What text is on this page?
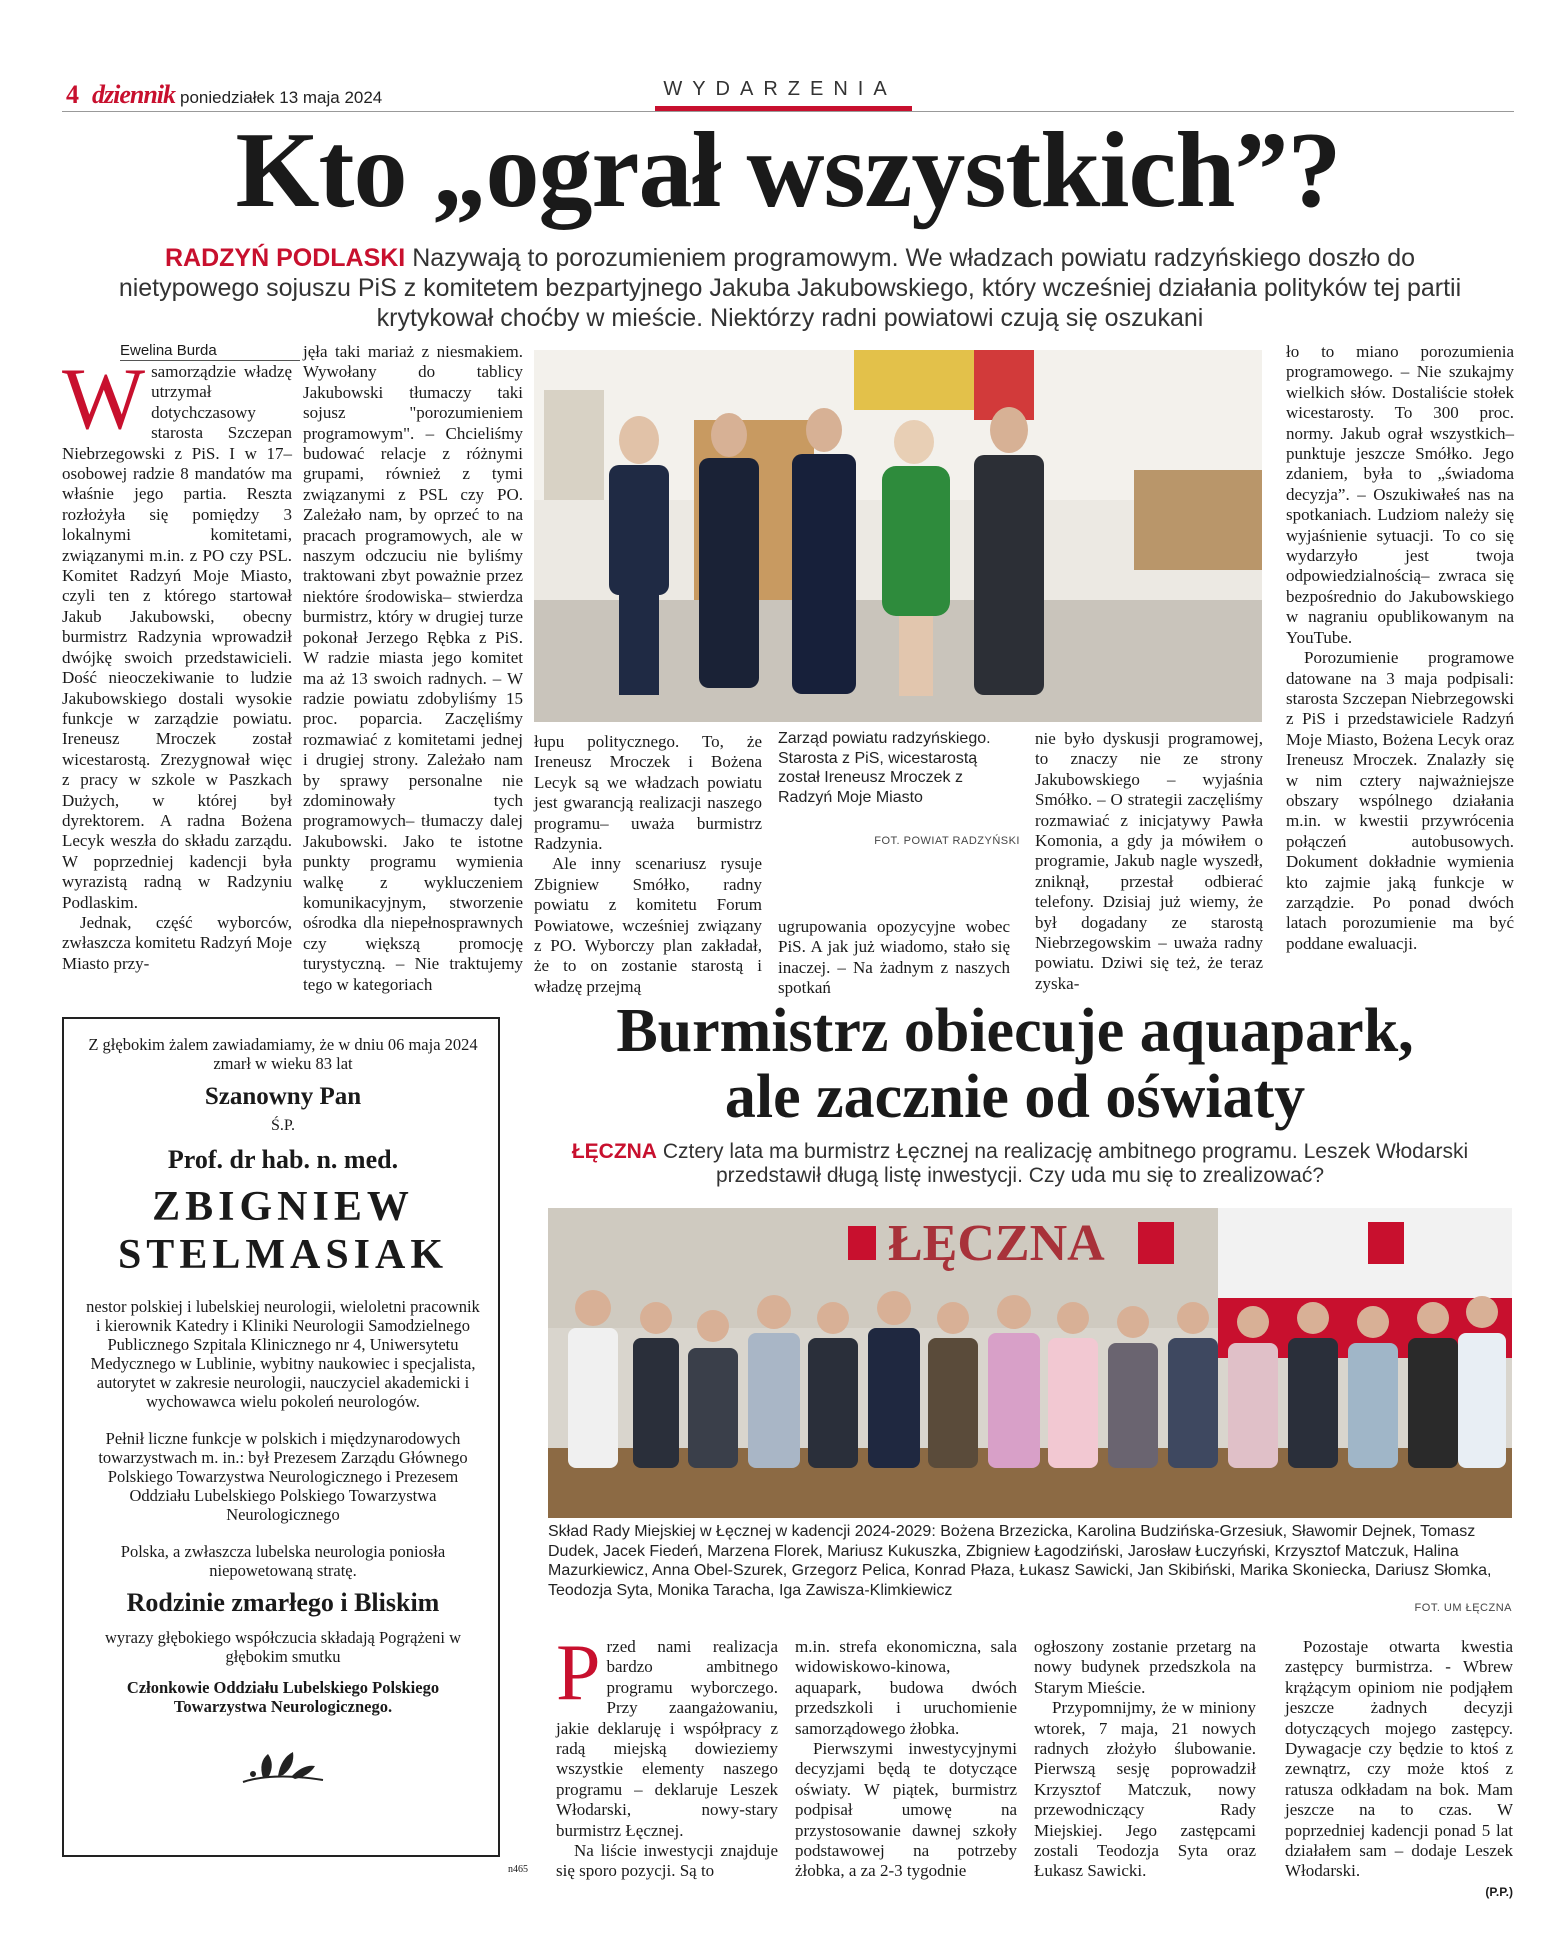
4 dziennik poniedziałek 13 maja 2024	WYDARZENIA
Kto „ograł wszystkich”?
RADZYŃ PODLASKI Nazywają to porozumieniem programowym. We władzach powiatu radzyńskiego doszło do nietypowego sojuszu PiS z komitetem bezpartyjnego Jakuba Jakubowskiego, który wcześniej działania polityków tej partii krytykował choćby w mieście. Niektórzy radni powiatowi czują się oszukani
Ewelina Burda
W samorządzie władzę utrzymał dotychczasowy starosta Szczepan Niebrzegowski z PiS. I w 17–osobowej radzie 8 mandatów ma właśnie jego partia. Reszta rozłożyła się pomiędzy 3 lokalnymi komitetami, związanymi m.in. z PO czy PSL. Komitet Radzyń Moje Miasto, czyli ten z którego startował Jakub Jakubowski, obecny burmistrz Radzynia wprowadził dwójkę swoich przedstawicieli. Dość nieoczekiwanie to ludzie Jakubowskiego dostali wysokie funkcje w zarządzie powiatu. Ireneusz Mroczek został wicestarostą. Zrezygnował więc z pracy w szkole w Paszkach Dużych, w której był dyrektorem. A radna Bożena Lecyk weszła do składu zarządu. W poprzedniej kadencji była wyrazistą radną w Radzyniu Podlaskim.

Jednak, część wyborców, zwłaszcza komitetu Radzyń Moje Miasto przy-

jęła taki mariaż z niesmakiem. Wywołany do tablicy Jakubowski tłumaczy taki sojusz "porozumieniem programowym". – Chcieliśmy budować relacje z różnymi grupami, również z tymi związanymi z PSL czy PO. Zależało nam, by oprzeć to na pracach programowych, ale w naszym odczuciu nie byliśmy traktowani zbyt poważnie przez niektóre środowiska– stwierdza burmistrz, który w drugiej turze pokonał Jerzego Rębka z PiS. W radzie miasta jego komitet ma aż 13 swoich radnych. – W radzie powiatu zdobyliśmy 15 proc. poparcia. Zaczęliśmy rozmawiać z komitetami jednej i drugiej strony. Zależało nam by sprawy personalne nie zdominowały tych programowych– tłumaczy dalej Jakubowski. Jako te istotne punkty programu wymienia walkę z wykluczeniem komunikacyjnym, stworzenie ośrodka dla niepełnosprawnych czy większą promocję turystyczną. – Nie traktujemy tego w kategoriach

łupu politycznego. To, że Ireneusz Mroczek i Bożena Lecyk są we władzach powiatu jest gwarancją realizacji naszego programu– uważa burmistrz Radzynia.

Ale inny scenariusz rysuje Zbigniew Smółko, radny powiatu z komitetu Forum Powiatowe, wcześniej związany z PO. Wyborczy plan zakładał, że to on zostanie starostą i władzę przejmą

Zarząd powiatu radzyńskiego. Starosta z PiS, wicestarostą został Ireneusz Mroczek z Radzyń Moje Miasto
FOT. POWIAT RADZYŃSKI

ugrupowania opozycyjne wobec PiS. A jak już wiadomo, stało się inaczej. – Na żadnym z naszych spotkań

nie było dyskusji programowej, to znaczy nie ze strony Jakubowskiego – wyjaśnia Smółko. – O strategii zaczęliśmy rozmawiać z inicjatywy Pawła Komonia, a gdy ja mówiłem o programie, Jakub nagle wyszedł, zniknął, przestał odbierać telefony. Dzisiaj już wiemy, że był dogadany ze starostą Niebrzegowskim – uważa radny powiatu. Dziwi się też, że teraz zyska-

ło to miano porozumienia programowego. – Nie szukajmy wielkich słów. Dostaliście stołek wicestarosty. To 300 proc. normy. Jakub ograł wszystkich– punktuje jeszcze Smółko. Jego zdaniem, była to „świadoma decyzja”. – Oszukiwałeś nas na spotkaniach. Ludziom należy się wyjaśnienie sytuacji. To co się wydarzyło jest twoja odpowiedzialnością– zwraca się bezpośrednio do Jakubowskiego w nagraniu opublikowanym na YouTube.

Porozumienie programowe datowane na 3 maja podpisali: starosta Szczepan Niebrzegowski z PiS i przedstawiciele Radzyń Moje Miasto, Bożena Lecyk oraz Ireneusz Mroczek. Znalazły się w nim cztery najważniejsze obszary wspólnego działania m.in. w kwestii przywrócenia połączeń autobusowych. Dokument dokładnie wymienia kto zajmie jaką funkcje w zarządzie. Po ponad dwóch latach porozumienie ma być poddane ewaluacji.

Z głębokim żalem zawiadamiamy, że w dniu 06 maja 2024 zmarł w wieku 83 lat

Szanowny Pan

Ś.P.

Prof. dr hab. n. med.

ZBIGNIEW

STELMASIAK

nestor polskiej i lubelskiej neurologii, wieloletni pracownik i kierownik Katedry i Kliniki Neurologii Samodzielnego Publicznego Szpitala Klinicznego nr 4, Uniwersytetu Medycznego w Lublinie, wybitny naukowiec i specjalista, autorytet w zakresie neurologii, nauczyciel akademicki i wychowawca wielu pokoleń neurologów.

Pełnił liczne funkcje w polskich i międzynarodowych towarzystwach m. in.: był Prezesem Zarządu Głównego Polskiego Towarzystwa Neurologicznego i Prezesem Oddziału Lubelskiego Polskiego Towarzystwa Neurologicznego

Polska, a zwłaszcza lubelska neurologia poniosła niepowetowaną stratę.

Rodzinie zmarłego i Bliskim

wyrazy głębokiego współczucia składają Pogrążeni w głębokim smutku

Członkowie Oddziału Lubelskiego Polskiego Towarzystwa Neurologicznego.

n465
Burmistrz obiecuje aquapark,
ale zacznie od oświaty
ŁĘCZNA Cztery lata ma burmistrz Łęcznej na realizację ambitnego programu. Leszek Włodarski przedstawił długą listę inwestycji. Czy uda mu się to zrealizować?
ŁĘCZNA
Skład Rady Miejskiej w Łęcznej w kadencji 2024-2029: Bożena Brzezicka, Karolina Budzińska-Grzesiuk, Sławomir Dejnek, Tomasz Dudek, Jacek Fiedeń, Marzena Florek, Mariusz Kukuszka, Zbigniew Łagodziński, Jarosław Łuczyński, Krzysztof Matczuk, Halina Mazurkiewicz, Anna Obel-Szurek, Grzegorz Pelica, Konrad Płaza, Łukasz Sawicki, Jan Skibiński, Marika Skoniecka, Dariusz Słomka, Teodozja Syta, Monika Taracha, Iga Zawisza-Klimkiewicz
FOT. UM ŁĘCZNA
P rzed nami realizacja bardzo ambitnego programu wyborczego. Przy zaangażowaniu, jakie deklaruję i współpracy z radą miejską dowieziemy wszystkie elementy naszego programu – deklaruje Leszek Włodarski, nowy-stary burmistrz Łęcznej.

Na liście inwestycji znajduje się sporo pozycji. Są to

m.in. strefa ekonomiczna, sala widowiskowo-kinowa, aquapark, budowa dwóch przedszkoli i uruchomienie samorządowego żłobka.

Pierwszymi inwestycyjnymi decyzjami będą te dotyczące oświaty. W piątek, burmistrz podpisał umowę na przystosowanie dawnej szkoły podstawowej na potrzeby żłobka, a za 2-3 tygodnie

ogłoszony zostanie przetarg na nowy budynek przedszkola na Starym Mieście.

Przypomnijmy, że w miniony wtorek, 7 maja, 21 nowych radnych złożyło ślubowanie. Pierwszą sesję poprowadził Krzysztof Matczuk, nowy przewodniczący Rady Miejskiej. Jego zastępcami zostali Teodozja Syta oraz Łukasz Sawicki.

Pozostaje otwarta kwestia zastępcy burmistrza. - Wbrew krążącym opiniom nie podjąłem jeszcze żadnych decyzji dotyczących mojego zastępcy. Dywagacje czy będzie to ktoś z zewnątrz, czy może ktoś z ratusza odkładam na bok. Mam jeszcze na to czas. W poprzedniej kadencji ponad 5 lat działałem sam – dodaje Leszek Włodarski.

(P.P.)
